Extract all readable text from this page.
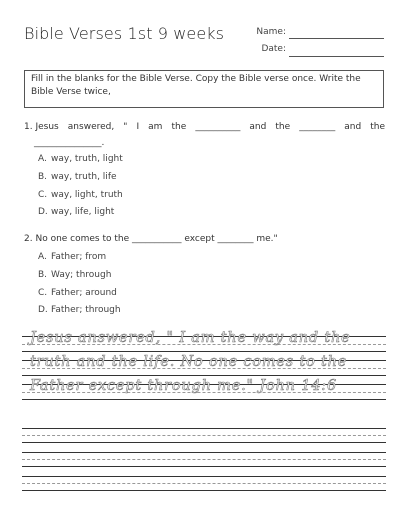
Bible Verses 1st 9 weeks	Name:
Date:
Fill in the blanks for the Bible Verse. Copy the Bible verse once. Write the Bible Verse twice,
1. Jesus answered, " I am the __________ and the ________ and the
_______________.
A. way, truth, light
B. way, truth, life
C. way, light, truth
D. way, life, light
2. No one comes to the ___________ except ________ me."
A. Father; from
B. Way; through
C. Father; around
D. Father; through
Jesus answered, " I am the way and the
truth and the life. No one comes to the
Father except through me." John 14:6
